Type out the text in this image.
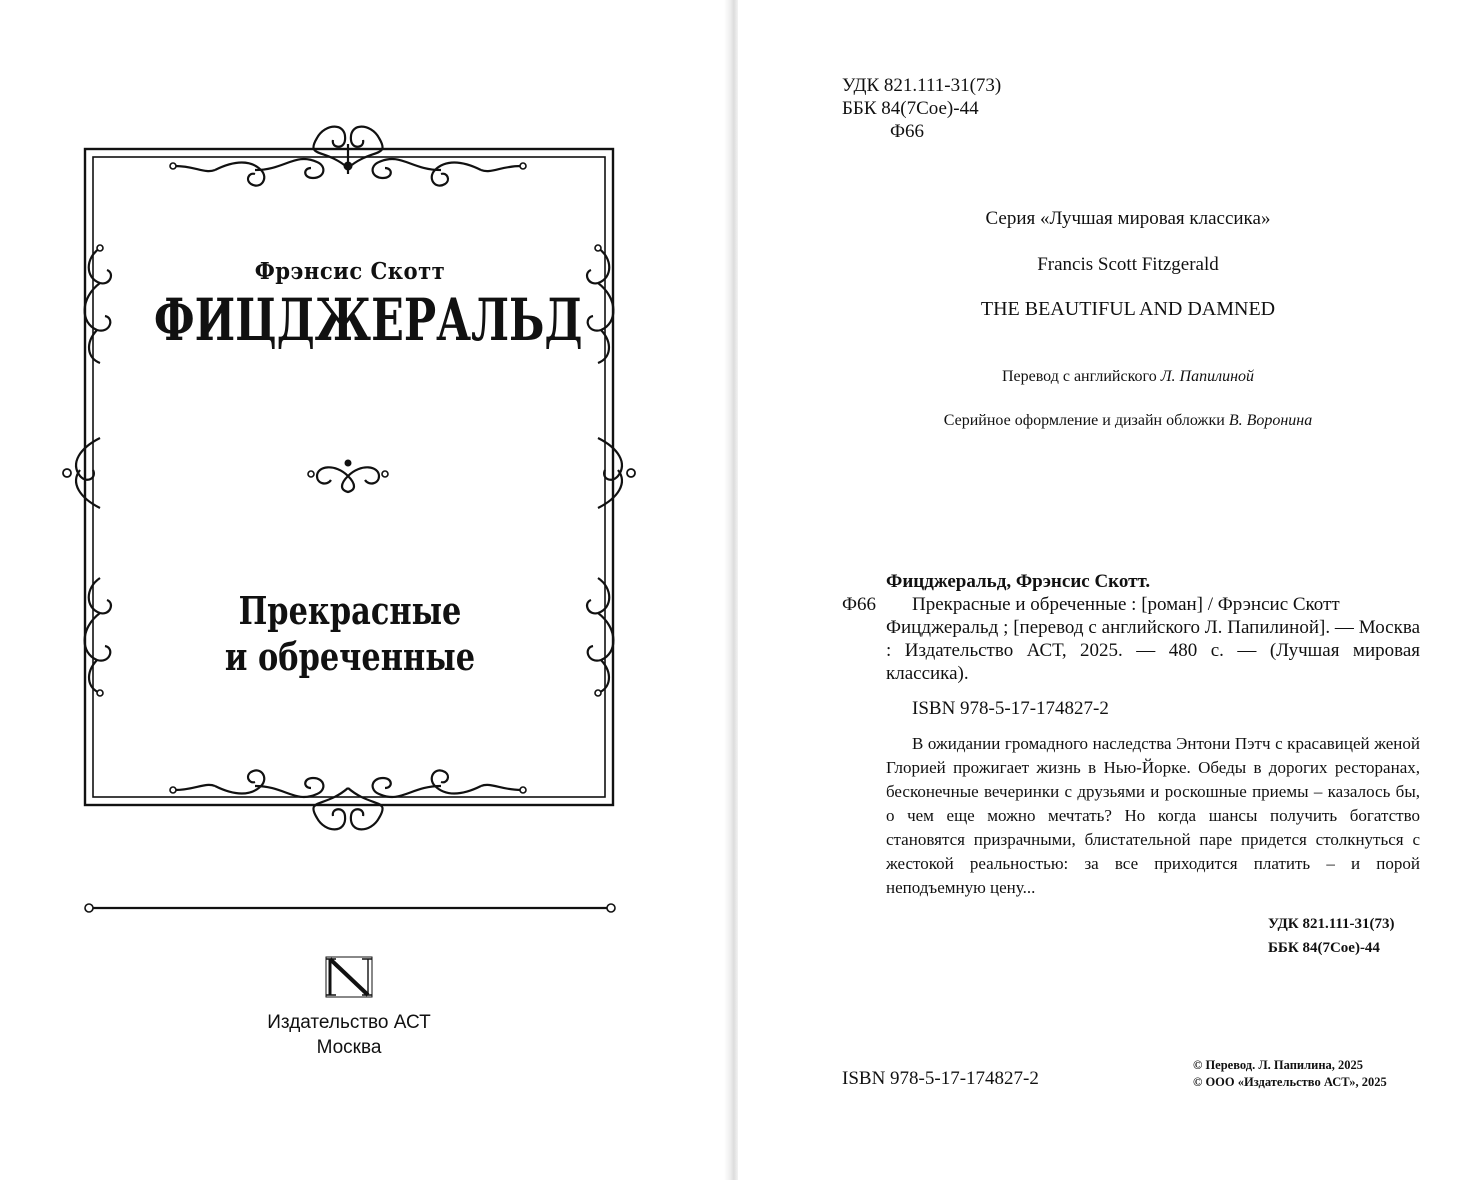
Фрэнсис Скотт
ФИЦДЖЕРАЛЬД
Прекрасные
и обреченные
Издательство АСТ
Москва
УДК 821.111-31(73)
ББК 84(7Сое)-44
Ф66
Серия «Лучшая мировая классика»
Francis Scott Fitzgerald
THE BEAUTIFUL AND DAMNED
Перевод с английского Л. Папилиной
Серийное оформление и дизайн обложки В. Воронина
Фицджеральд, Фрэнсис Скотт.
Ф66	Прекрасные и обреченные : [роман] / Фрэнсис Скотт
Фицджеральд ; [перевод с английского Л. Папилиной]. — Москва : Издательство АСТ, 2025. — 480 с. — (Лучшая мировая классика).
ISBN 978-5-17-174827-2

В ожидании громадного наследства Энтони Пэтч с красавицей женой Глорией прожигает жизнь в Нью-Йорке. Обеды в дорогих ресторанах, бесконечные вечеринки с друзьями и роскошные приемы – казалось бы, о чем еще можно мечтать? Но когда шансы получить богатство становятся призрачными, блистательной паре придется столкнуться с жестокой реальностью: за все приходится платить – и порой неподъемную цену...

УДК 821.111-31(73)
ББК 84(7Сое)-44
ISBN 978-5-17-174827-2
© Перевод. Л. Папилина, 2025
© ООО «Издательство АСТ», 2025
